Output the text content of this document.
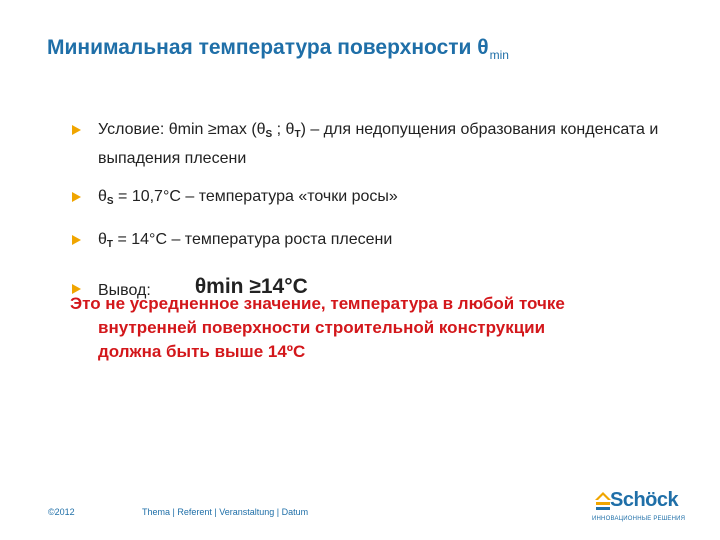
Минимальная температура поверхности $\theta_{min}$
Условие: θmin ≥max ($\theta_S$ ; $\theta_T$) – для недопущения образования конденсата и выпадения плесени
$\theta_S = 10,7^\circ C$ – температура «точки росы»
$\theta_T = 14^\circ C$ – температура роста плесени
Вывод: θmin ≥14°C

Это не усредненное значение, температура в любой точке
внутренней поверхности строительной конструкции
должна быть выше 14ºC

©2012	Thema | Referent | Veranstaltung | Datum
Schöck
ИННОВАЦИОННЫЕ РЕШЕНИЯ
